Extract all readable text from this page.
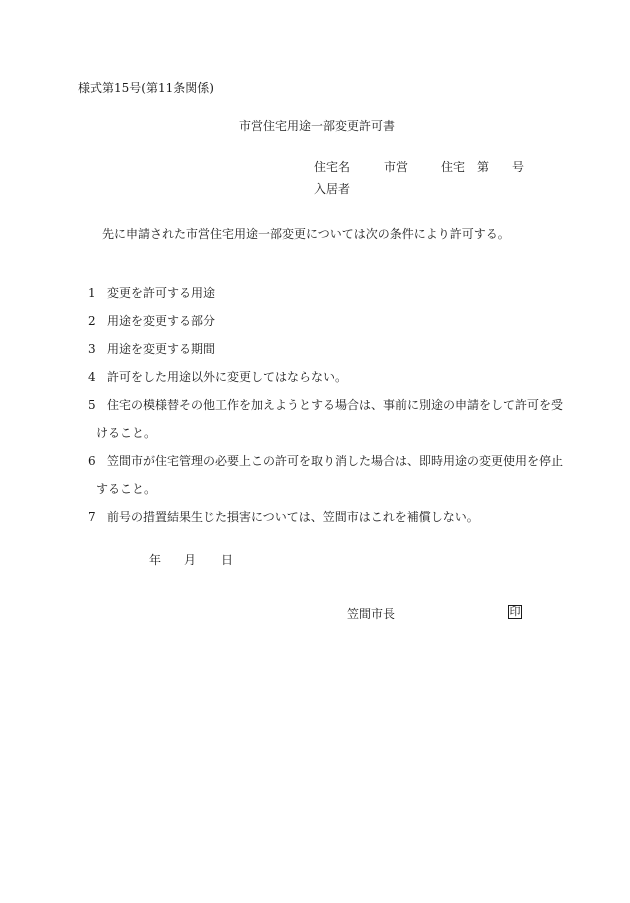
様式第15号(第11条関係)
市営住宅用途一部変更許可書
住宅名	市営	住宅 第 号
入居者
先に申請された市営住宅用途一部変更については次の条件により許可する。
1 変更を許可する用途
2 用途を変更する部分
3 用途を変更する期間
4 許可をした用途以外に変更してはならない。
5 住宅の模様替その他工作を加えようとする場合は、事前に別途の申請をして許可を受
けること。
6 笠間市が住宅管理の必要上この許可を取り消した場合は、即時用途の変更使用を停止
すること。
7 前号の措置結果生じた損害については、笠間市はこれを補償しない。
年 月 日
笠間市長	印
